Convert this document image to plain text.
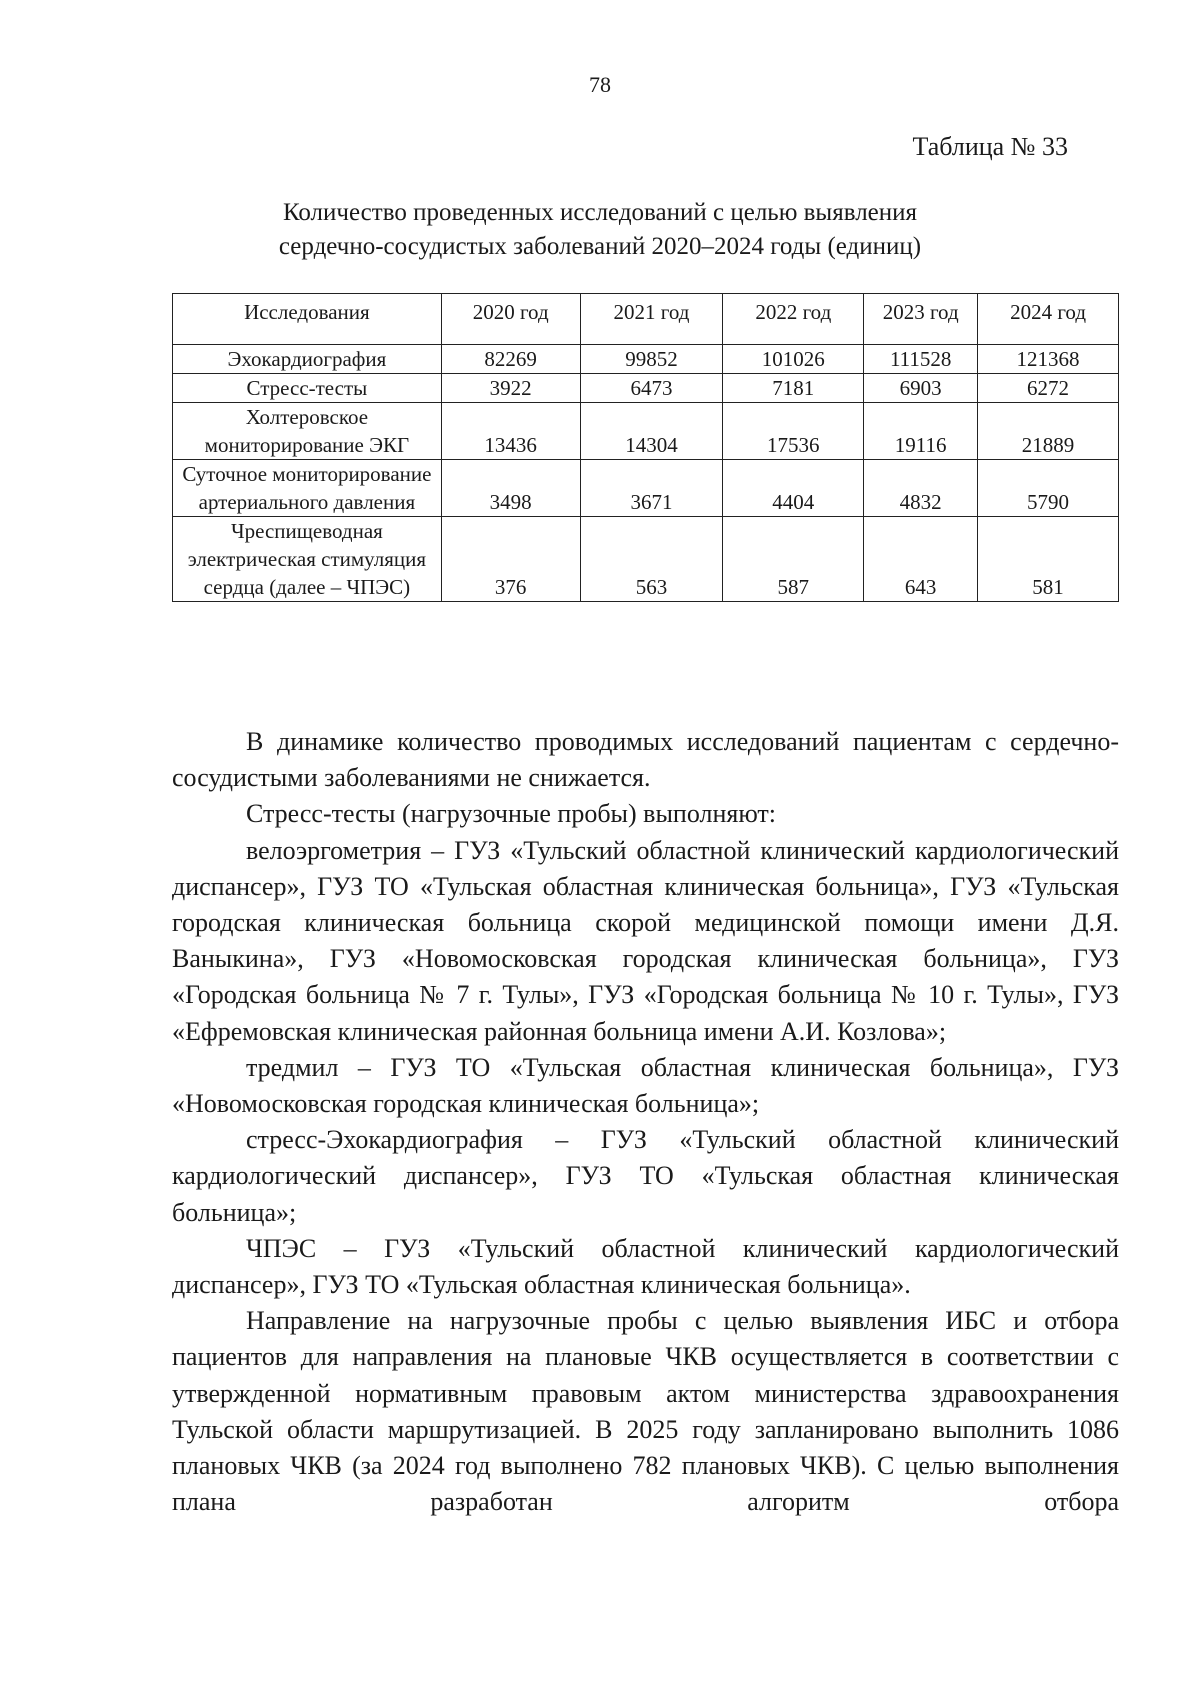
78
Таблица № 33
Количество проведенных исследований с целью выявления
сердечно-сосудистых заболеваний 2020–2024 годы (единиц)
Исследования	2020 год	2021 год	2022 год	2023 год	2024 год
Эхокардиография	82269	99852	101026	111528	121368
Стресс-тесты	3922	6473	7181	6903	6272
Холтеровское мониторирование ЭКГ	13436	14304	17536	19116	21889
Суточное мониторирование артериального давления	3498	3671	4404	4832	5790
Чреспищеводная электрическая стимуляция сердца (далее – ЧПЭС)	376	563	587	643	581

В динамике количество проводимых исследований пациентам с сердечно-сосудистыми заболеваниями не снижается.

Стресс-тесты (нагрузочные пробы) выполняют:

велоэргометрия – ГУЗ «Тульский областной клинический кардиологический диспансер», ГУЗ ТО «Тульская областная клиническая больница», ГУЗ «Тульская городская клиническая больница скорой медицинской помощи имени Д.Я. Ваныкина», ГУЗ «Новомосковская городская клиническая больница», ГУЗ «Городская больница № 7 г. Тулы», ГУЗ «Городская больница № 10 г. Тулы», ГУЗ «Ефремовская клиническая районная больница имени А.И. Козлова»;

тредмил – ГУЗ ТО «Тульская областная клиническая больница», ГУЗ «Новомосковская городская клиническая больница»;

стресс-Эхокардиография – ГУЗ «Тульский областной клинический кардиологический диспансер», ГУЗ ТО «Тульская областная клиническая больница»;

ЧПЭС – ГУЗ «Тульский областной клинический кардиологический диспансер», ГУЗ ТО «Тульская областная клиническая больница».

Направление на нагрузочные пробы с целью выявления ИБС и отбора пациентов для направления на плановые ЧКВ осуществляется в соответствии с утвержденной нормативным правовым актом министерства здравоохранения Тульской области маршрутизацией. В 2025 году запланировано выполнить 1086 плановых ЧКВ (за 2024 год выполнено 782 плановых ЧКВ). С целью выполнения плана разработан алгоритм отбора
